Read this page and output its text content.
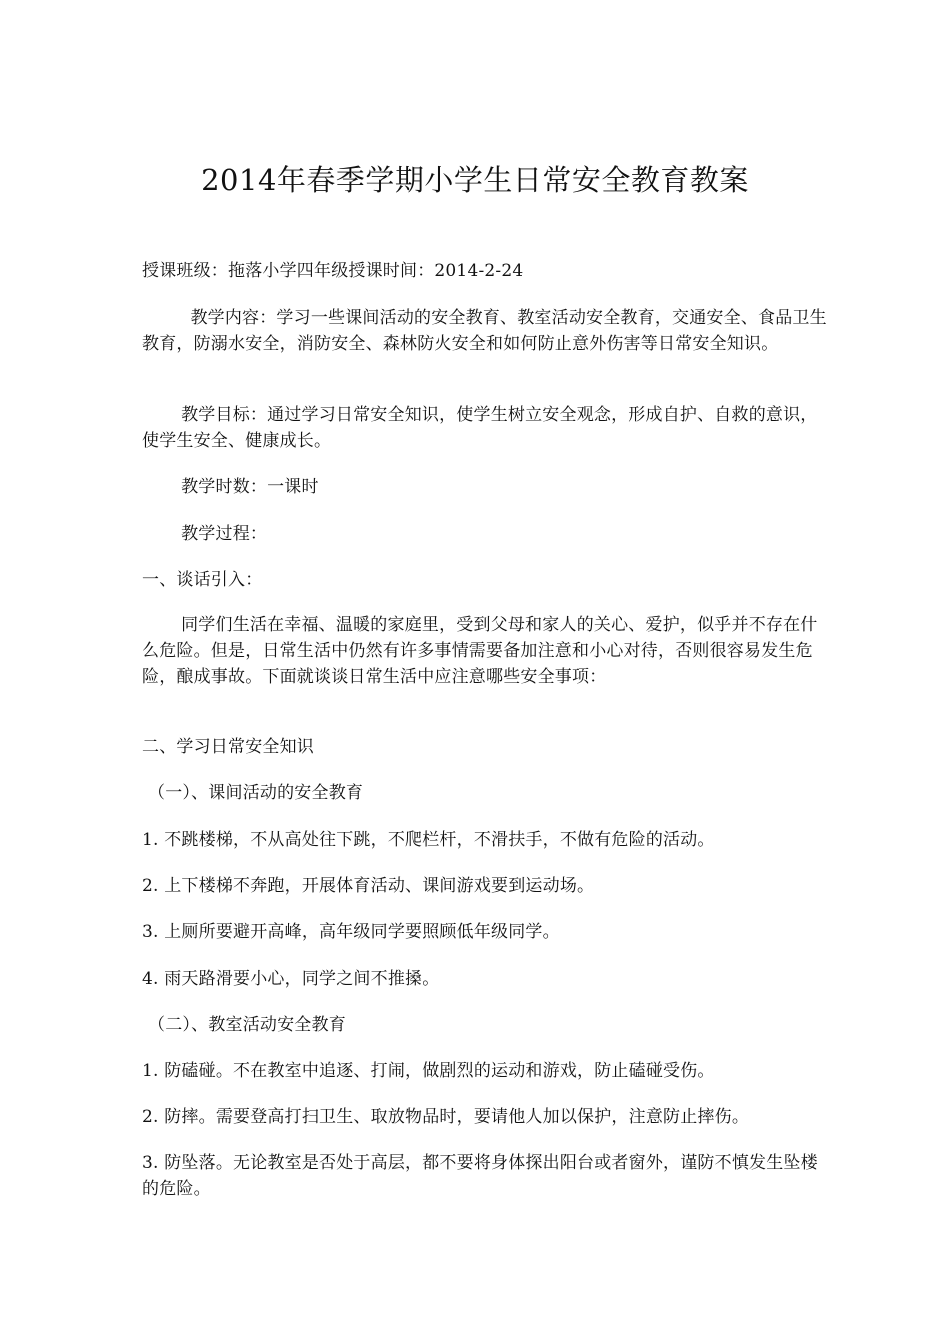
2014年春季学期小学生日常安全教育教案
授课班级：拖落小学四年级授课时间：2014-2-24
教学内容：学习一些课间活动的安全教育、教室活动安全教育，交通安全、食品卫生教育，防溺水安全，消防安全、森林防火安全和如何防止意外伤害等日常安全知识。
教学目标：通过学习日常安全知识，使学生树立安全观念，形成自护、自救的意识，使学生安全、健康成长。
教学时数：一课时
教学过程：
一、谈话引入：
同学们生活在幸福、温暖的家庭里，受到父母和家人的关心、爱护，似乎并不存在什么危险。但是，日常生活中仍然有许多事情需要备加注意和小心对待，否则很容易发生危险，酿成事故。下面就谈谈日常生活中应注意哪些安全事项：
二、学习日常安全知识
（一）、课间活动的安全教育
1. 不跳楼梯，不从高处往下跳，不爬栏杆，不滑扶手，不做有危险的活动。
2. 上下楼梯不奔跑，开展体育活动、课间游戏要到运动场。
3. 上厕所要避开高峰，高年级同学要照顾低年级同学。
4. 雨天路滑要小心，同学之间不推搡。
（二）、教室活动安全教育
1. 防磕碰。不在教室中追逐、打闹，做剧烈的运动和游戏，防止磕碰受伤。
2. 防摔。需要登高打扫卫生、取放物品时，要请他人加以保护，注意防止摔伤。
3. 防坠落。无论教室是否处于高层，都不要将身体探出阳台或者窗外，谨防不慎发生坠楼的危险。
